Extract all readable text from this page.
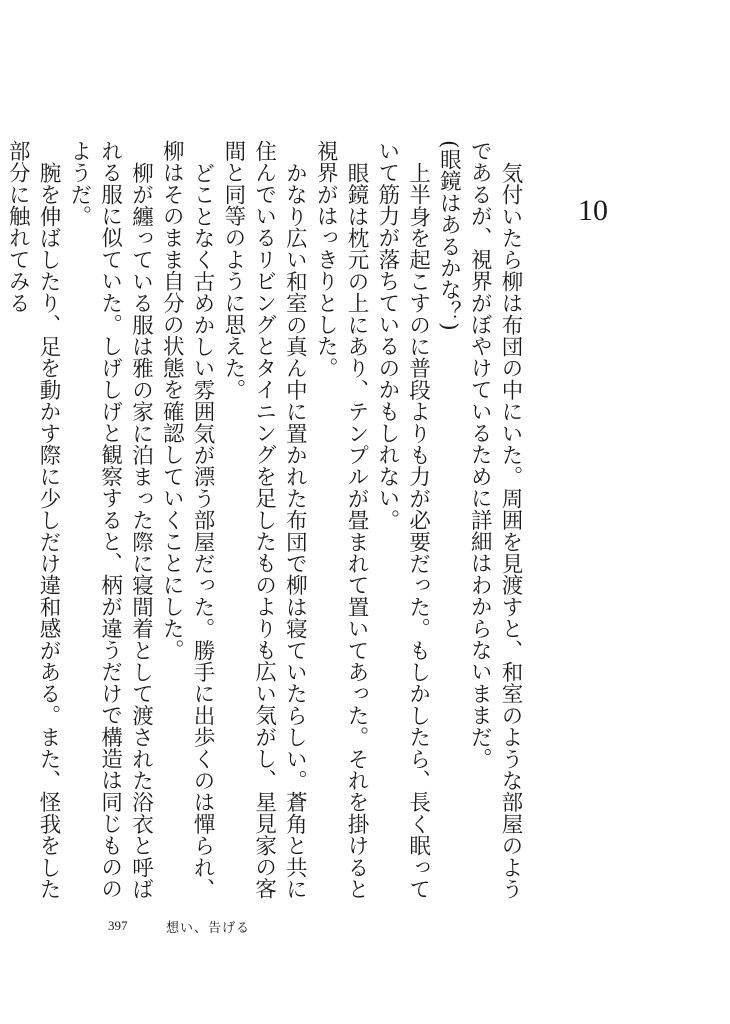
10

気付いたら柳は布団の中にいた。周囲を見渡すと、和室のような部屋のようであるが、視界がぼやけているために詳細はわからないままだ。

(眼鏡はあるかな？)

上半身を起こすのに普段よりも力が必要だった。もしかしたら、長く眠っていて筋力が落ちているのかもしれない。

眼鏡は枕元の上にあり、テンプルが畳まれて置いてあった。それを掛けると視界がはっきりとした。

かなり広い和室の真ん中に置かれた布団で柳は寝ていたらしい。蒼角と共に住んでいるリビングとタイニングを足したものよりも広い気がし、星見家の客間と同等のように思えた。

どことなく古めかしい雰囲気が漂う部屋だった。勝手に出歩くのは憚られ、柳はそのまま自分の状態を確認していくことにした。

柳が纏っている服は雅の家に泊まった際に寝間着として渡された浴衣と呼ばれる服に似ていた。しげしげと観察すると、柄が違うだけで構造は同じもののようだ。

腕を伸ばしたり、足を動かす際に少しだけ違和感がある。また、怪我をした部分に触れてみる

397	想い、告げる
